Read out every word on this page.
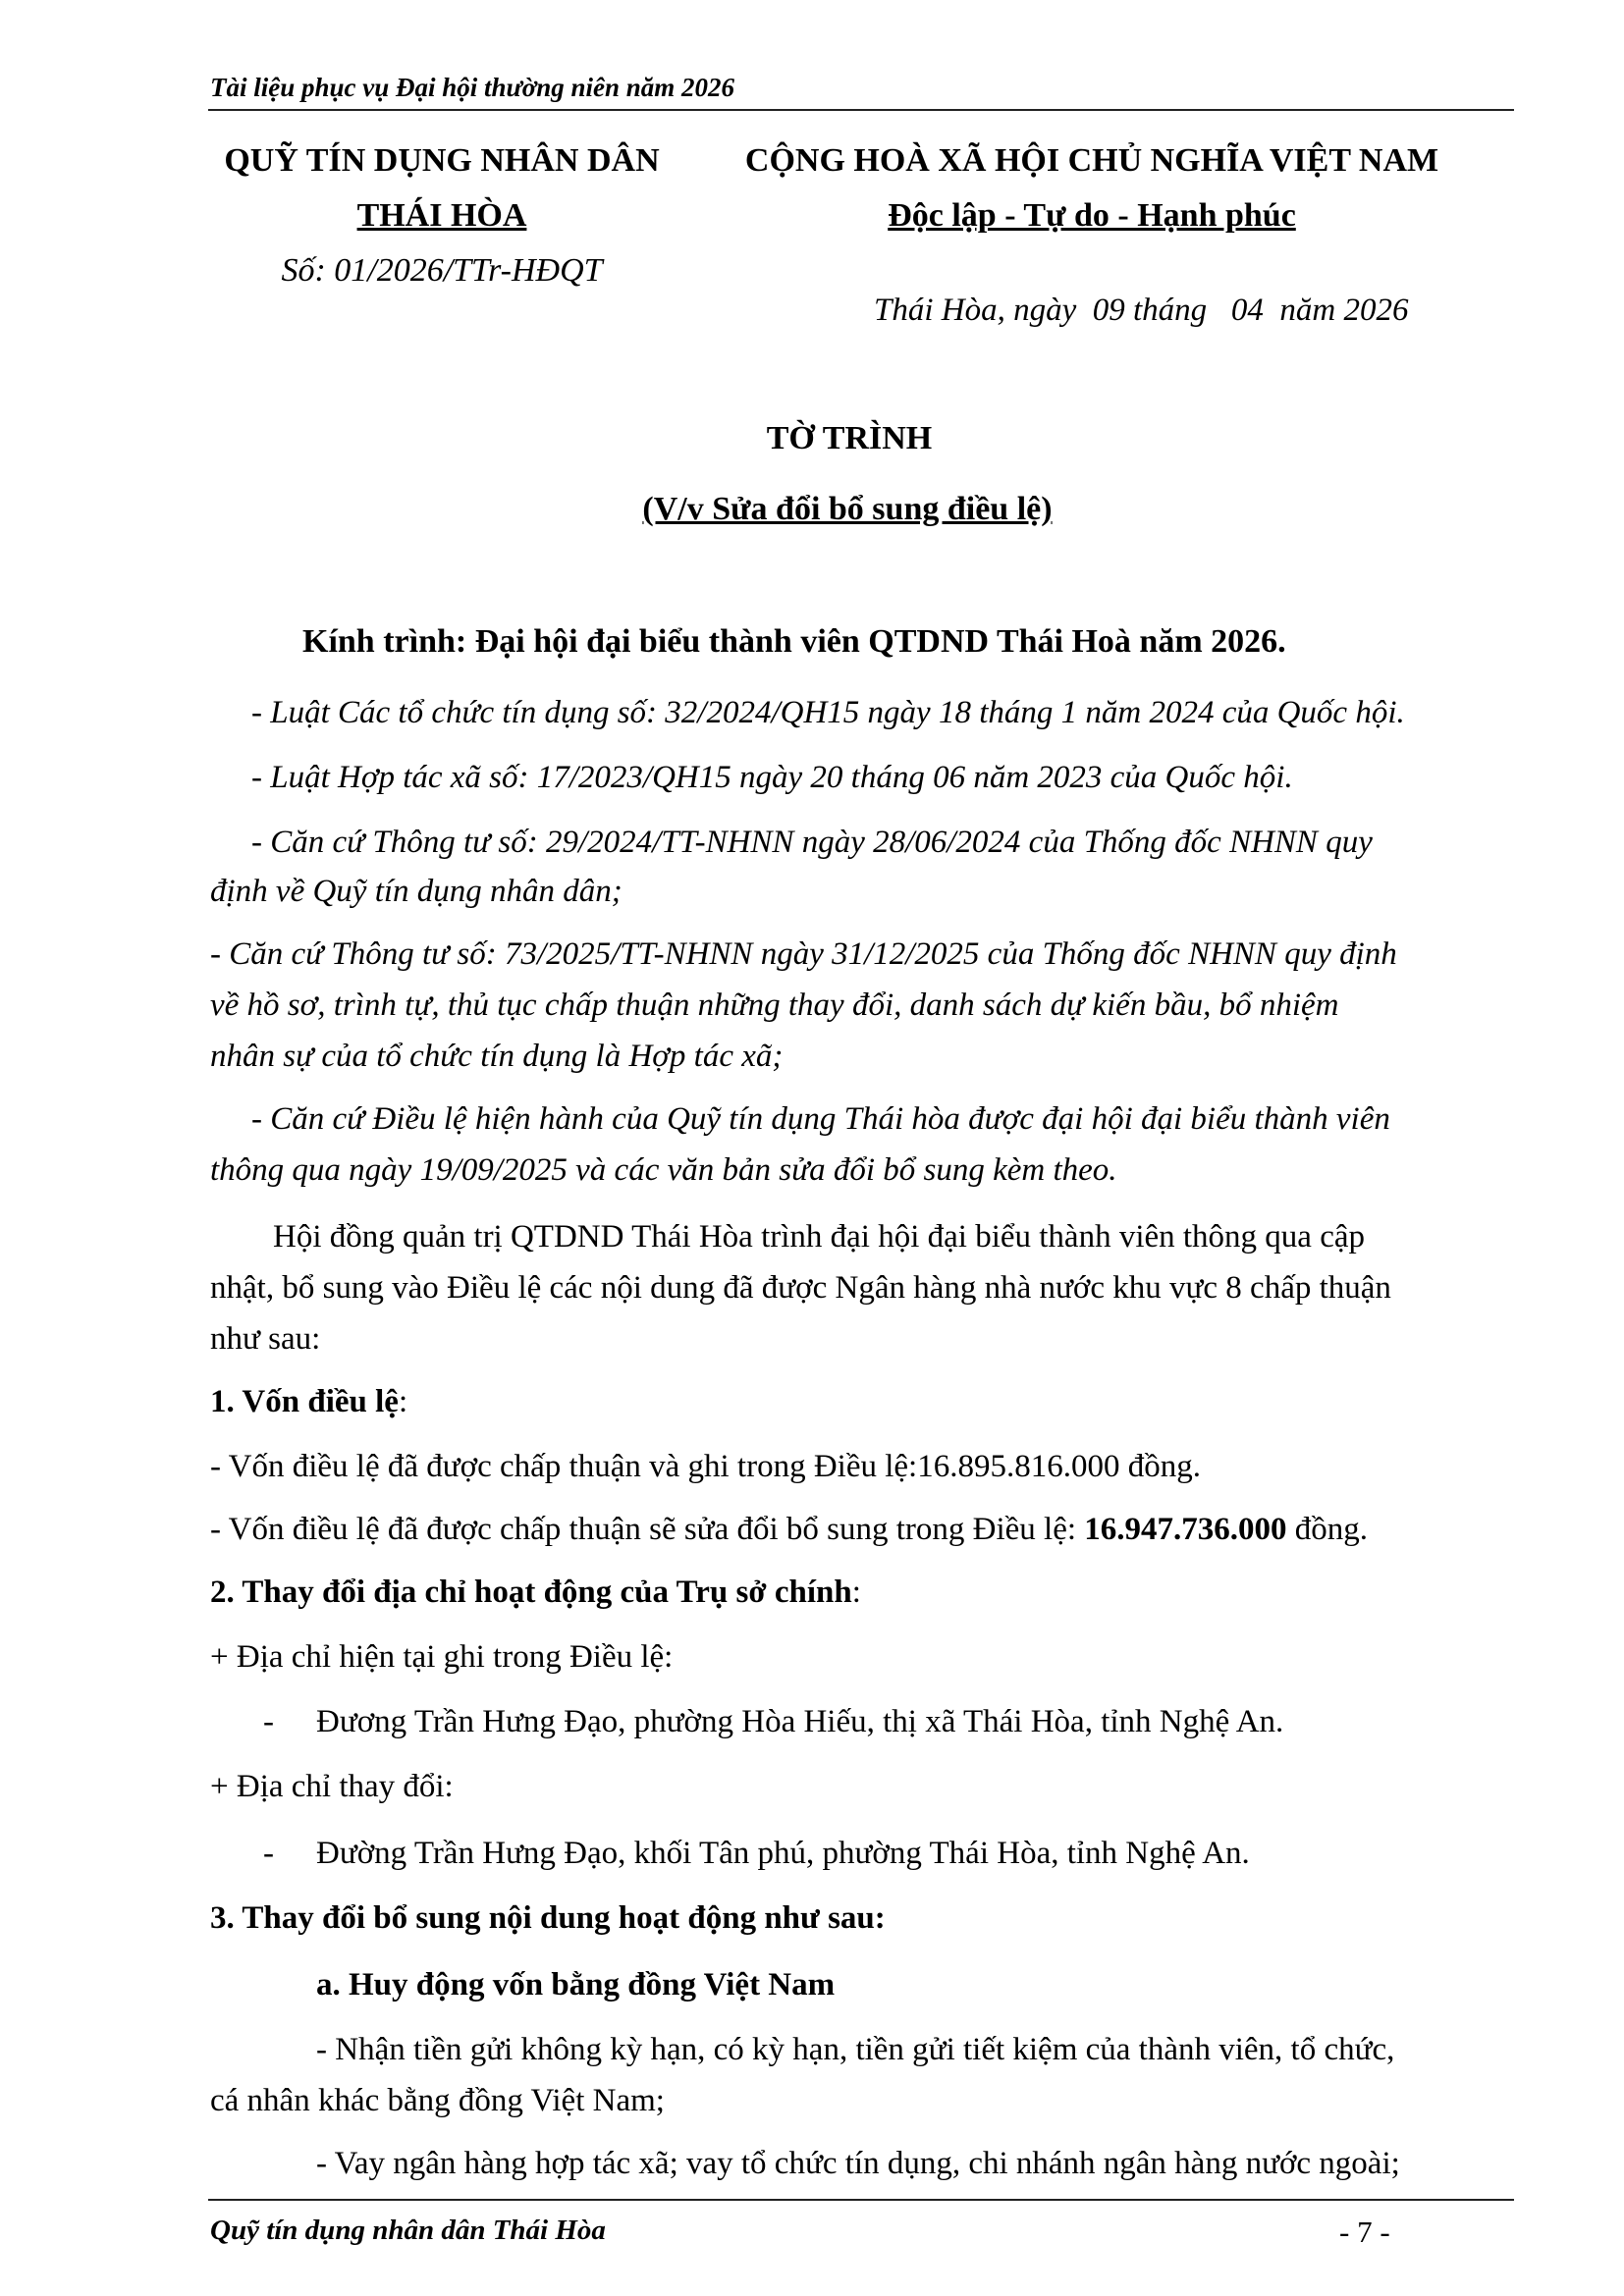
Tài liệu phục vụ Đại hội thường niên năm 2026
QUỸ TÍN DỤNG NHÂN DÂN
THÁI HÒA
Số: 01/2026/TTr-HĐQT
CỘNG HOÀ XÃ HỘI CHỦ NGHĨA VIỆT NAM
Độc lập - Tự do - Hạnh phúc
Thái Hòa, ngày  09 tháng   04  năm 2026
TỜ TRÌNH
(V/v Sửa đổi bổ sung điều lệ)
Kính trình: Đại hội đại biểu thành viên QTDND Thái Hoà năm 2026.
- Luật Các tổ chức tín dụng số: 32/2024/QH15 ngày 18 tháng 1 năm 2024 của Quốc hội.
- Luật Hợp tác xã số: 17/2023/QH15 ngày 20 tháng 06 năm 2023 của Quốc hội.
- Căn cứ Thông tư số: 29/2024/TT-NHNN ngày 28/06/2024 của Thống đốc NHNN quy
định về Quỹ tín dụng nhân dân;
- Căn cứ Thông tư số: 73/2025/TT-NHNN ngày 31/12/2025 của Thống đốc NHNN quy định
về hồ sơ, trình tự, thủ tục chấp thuận những thay đổi, danh sách dự kiến bầu, bổ nhiệm
nhân sự của tổ chức tín dụng là Hợp tác xã;
- Căn cứ Điều lệ hiện hành của Quỹ tín dụng Thái hòa được đại hội đại biểu thành viên
thông qua ngày 19/09/2025 và các văn bản sửa đổi bổ sung kèm theo.
Hội đồng quản trị QTDND Thái Hòa trình đại hội đại biểu thành viên thông qua cập
nhật, bổ sung vào Điều lệ các nội dung đã được Ngân hàng nhà nước khu vực 8 chấp thuận
như sau:
1. Vốn điều lệ:
- Vốn điều lệ đã được chấp thuận và ghi trong Điều lệ:16.895.816.000 đồng.
- Vốn điều lệ đã được chấp thuận sẽ sửa đổi bổ sung trong Điều lệ: 16.947.736.000 đồng.
2. Thay đổi địa chỉ hoạt động của Trụ sở chính:
+ Địa chỉ hiện tại ghi trong Điều lệ:
- Đương Trần Hưng Đạo, phường Hòa Hiếu, thị xã Thái Hòa, tỉnh Nghệ An.
+ Địa chỉ thay đổi:
- Đường Trần Hưng Đạo, khối Tân phú, phường Thái Hòa, tỉnh Nghệ An.
3. Thay đổi bổ sung nội dung hoạt động như sau:
a. Huy động vốn bằng đồng Việt Nam
- Nhận tiền gửi không kỳ hạn, có kỳ hạn, tiền gửi tiết kiệm của thành viên, tổ chức,
cá nhân khác bằng đồng Việt Nam;
- Vay ngân hàng hợp tác xã; vay tổ chức tín dụng, chi nhánh ngân hàng nước ngoài;
Quỹ tín dụng nhân dân Thái Hòa	- 7 -
